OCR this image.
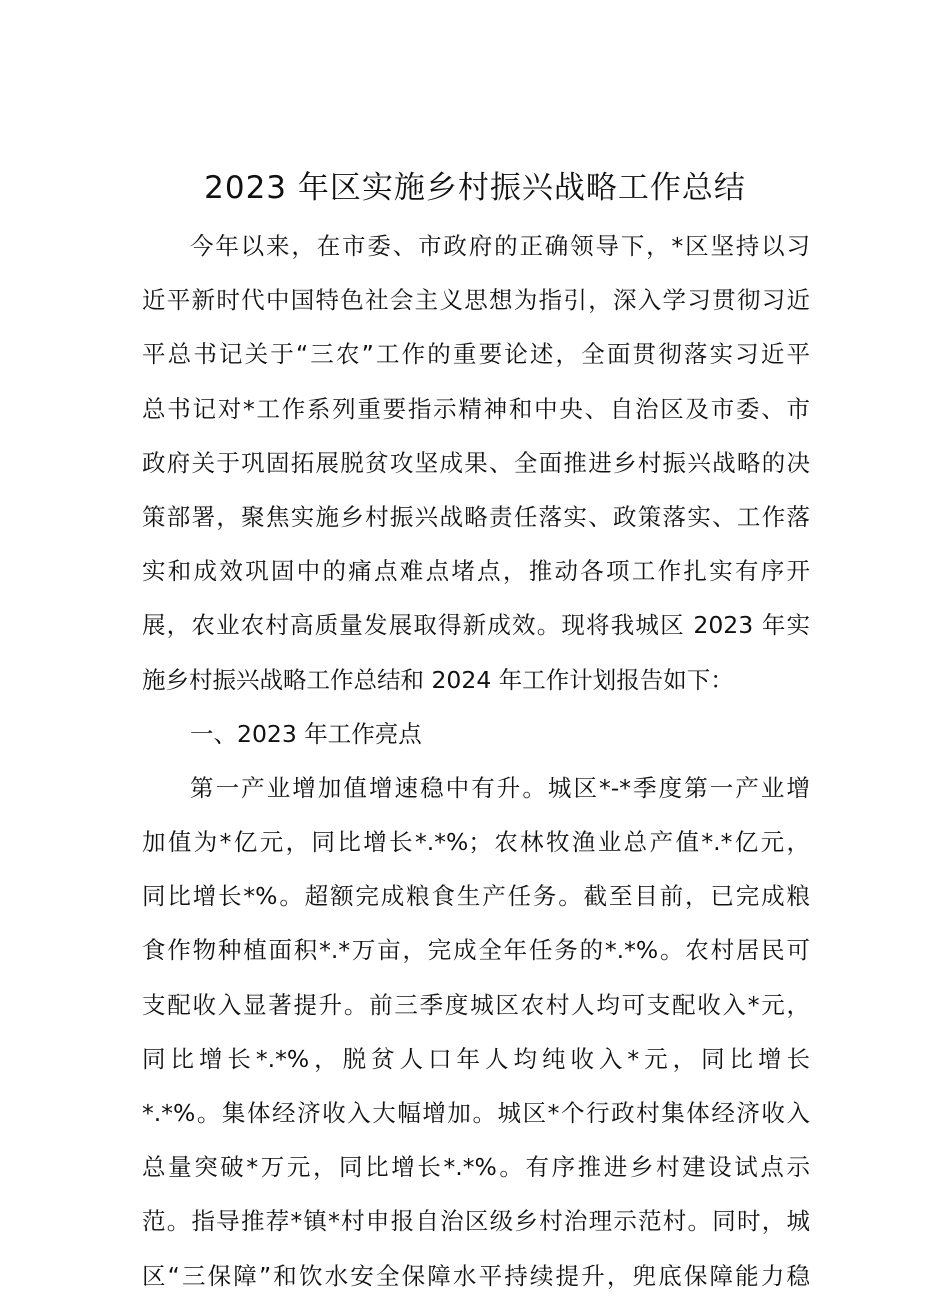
2023 年区实施乡村振兴战略工作总结
今年以来，在市委、市政府的正确领导下，*区坚持以习
近平新时代中国特色社会主义思想为指引，深入学习贯彻习近
平总书记关于“三农”工作的重要论述，全面贯彻落实习近平
总书记对*工作系列重要指示精神和中央、自治区及市委、市
政府关于巩固拓展脱贫攻坚成果、全面推进乡村振兴战略的决
策部署，聚焦实施乡村振兴战略责任落实、政策落实、工作落
实和成效巩固中的痛点难点堵点，推动各项工作扎实有序开
展，农业农村高质量发展取得新成效。现将我城区 2023 年实
施乡村振兴战略工作总结和 2024 年工作计划报告如下：
一、2023 年工作亮点
第一产业增加值增速稳中有升。城区*-*季度第一产业增
加值为*亿元，同比增长*.*%；农林牧渔业总产值*.*亿元，
同比增长*%。超额完成粮食生产任务。截至目前，已完成粮
食作物种植面积*.*万亩，完成全年任务的*.*%。农村居民可
支配收入显著提升。前三季度城区农村人均可支配收入*元，
同比增长*.*%，脱贫人口年人均纯收入*元，同比增长
*.*%。集体经济收入大幅增加。城区*个行政村集体经济收入
总量突破*万元，同比增长*.*%。有序推进乡村建设试点示
范。指导推荐*镇*村申报自治区级乡村治理示范村。同时，城
区“三保障”和饮水安全保障水平持续提升，兜底保障能力稳
